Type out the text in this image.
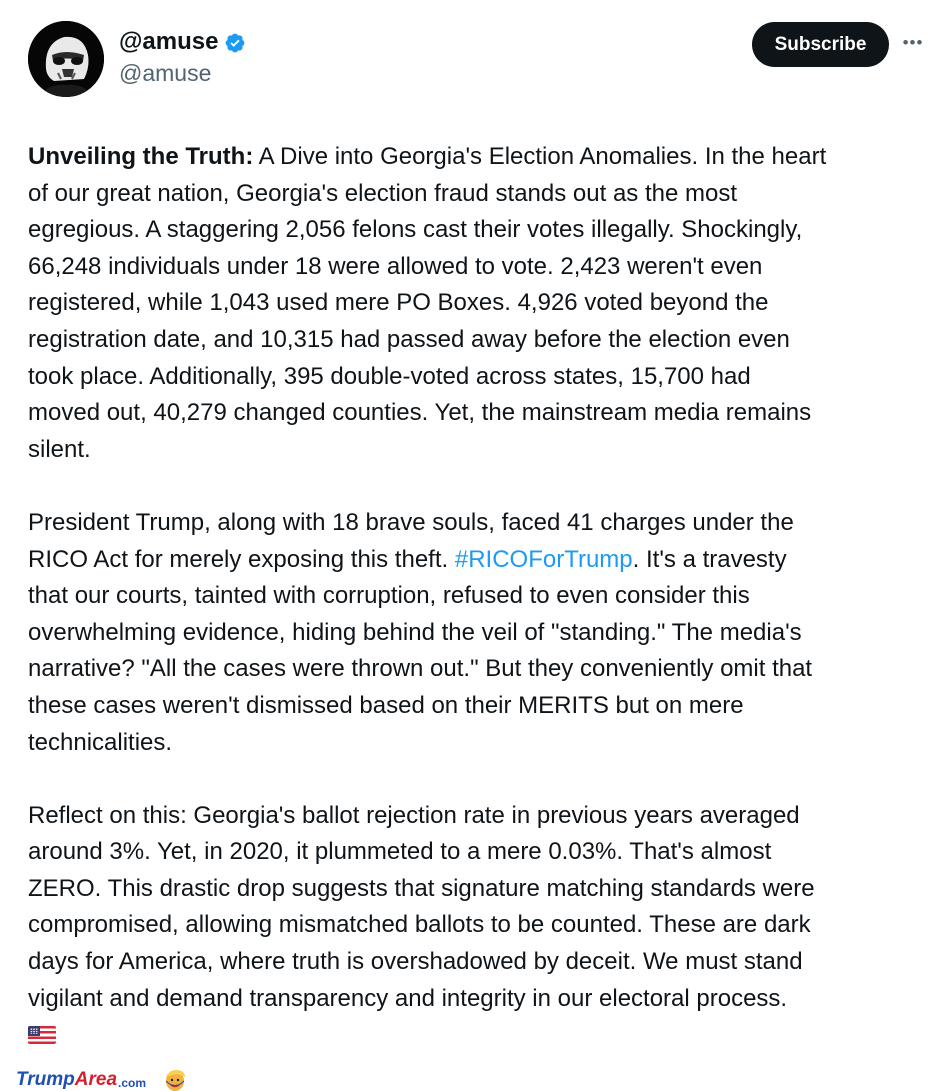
@amuse
@amuse
Subscribe	•••

Unveiling the Truth: A Dive into Georgia's Election Anomalies. In the heart
of our great nation, Georgia's election fraud stands out as the most
egregious. A staggering 2,056 felons cast their votes illegally. Shockingly,
66,248 individuals under 18 were allowed to vote. 2,423 weren't even
registered, while 1,043 used mere PO Boxes. 4,926 voted beyond the
registration date, and 10,315 had passed away before the election even
took place. Additionally, 395 double-voted across states, 15,700 had
moved out, 40,279 changed counties. Yet, the mainstream media remains
silent.

President Trump, along with 18 brave souls, faced 41 charges under the
RICO Act for merely exposing this theft. #RICOForTrump. It's a travesty
that our courts, tainted with corruption, refused to even consider this
overwhelming evidence, hiding behind the veil of "standing." The media's
narrative? "All the cases were thrown out." But they conveniently omit that
these cases weren't dismissed based on their MERITS but on mere
technicalities.

Reflect on this: Georgia's ballot rejection rate in previous years averaged
around 3%. Yet, in 2020, it plummeted to a mere 0.03%. That's almost
ZERO. This drastic drop suggests that signature matching standards were
compromised, allowing mismatched ballots to be counted. These are dark
days for America, where truth is overshadowed by deceit. We must stand
vigilant and demand transparency and integrity in our electoral process.

Trump Area .com
